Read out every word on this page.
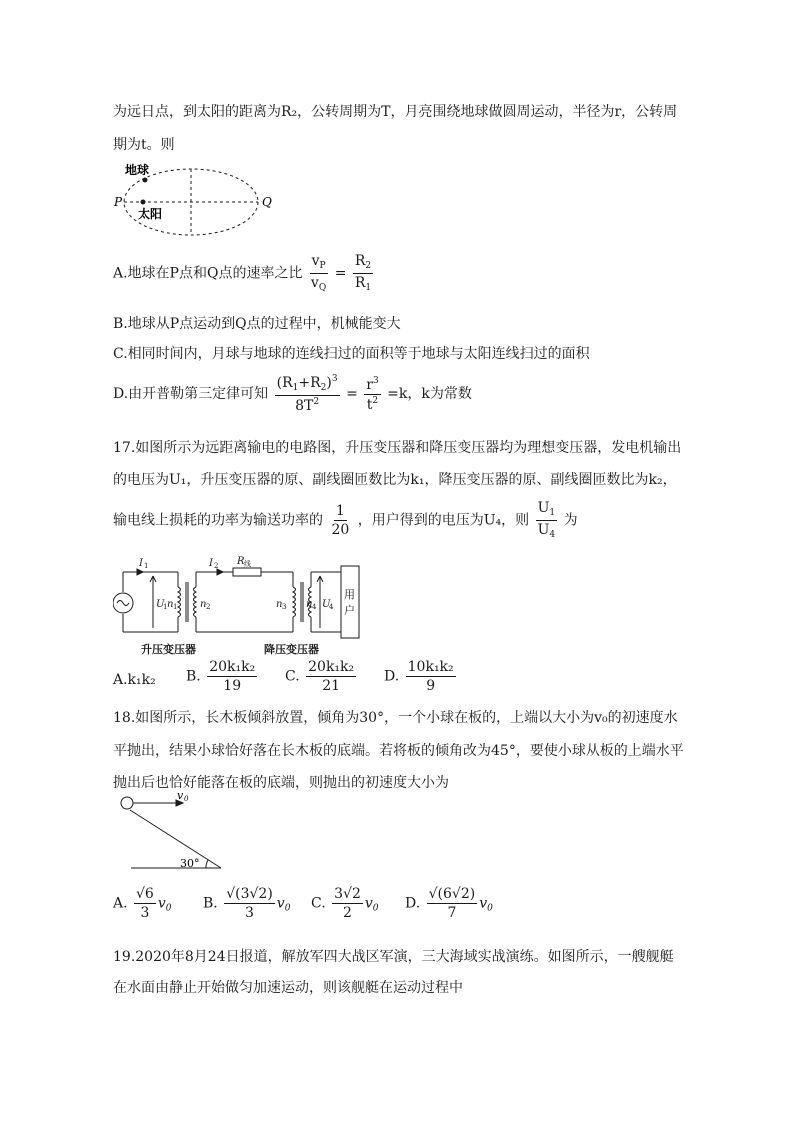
为远日点，到太阳的距离为R₂，公转周期为T，月亮围绕地球做圆周运动，半径为r，公转周
期为t。则
地球
太阳
P	Q
A.地球在P点和Q点的速率之比 $\frac{v_P}{v_Q} = \frac{R_2}{R_1}$
B.地球从P点运动到Q点的过程中，机械能变大
C.相同时间内，月球与地球的连线扫过的面积等于地球与太阳连线扫过的面积
D.由开普勒第三定律可知 $\frac{(R_1+R_2)^3}{8T^2} = \frac{r^3}{t^2} =k$，k为常数
17.如图所示为远距离输电的电路图，升压变压器和降压变压器均为理想变压器，发电机输出
的电压为U₁，升压变压器的原、副线圈匝数比为k₁，降压变压器的原、副线圈匝数比为k₂，
输电线上损耗的功率为输送功率的 $\frac{1}{20}$ ，用户得到的电压为U₄，则 $\frac{U_1}{U_4}$ 为
I 1	I 2 R 线
U
1 n 1 n 2	n 3 n 4 U
4
用
户
升压变压器	降压变压器
A.k₁k₂ B. $\frac{\text{20k₁k₂}}{19} C$. $\frac{\text{20k₁k₂}}{21} D$. $\frac{\text{10k₁k₂}}{9}$
18.如图所示，长木板倾斜放置，倾角为30°，一个小球在板的，上端以大小为v₀的初速度水
平抛出，结果小球恰好落在长木板的底端。若将板的倾角改为45°，要使小球从板的上端水平
抛出后也恰好能落在板的底端，则抛出的初速度大小为
v 0
30°
A. $\frac{√6}{3} v_0$ B. $\frac{√(3√2)}{3} v_0$ C. $\frac{3√2}{2} v_0$ D. $\frac{√(6√2)}{7} v_0$
19.2020年8月24日报道，解放军四大战区军演，三大海域实战演练。如图所示，一艘舰艇
在水面由静止开始做匀加速运动，则该舰艇在运动过程中
